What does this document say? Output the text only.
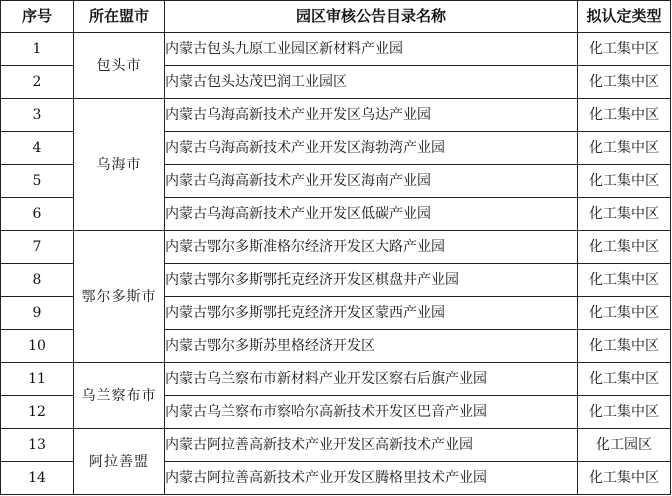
序号	所在盟市	园区审核公告目录名称	拟认定类型
1	包头市	内蒙古包头九原工业园区新材料产业园	化工集中区
2		内蒙古包头达茂巴润工业园区	化工集中区
3	乌海市	内蒙古乌海高新技术产业开发区乌达产业园	化工集中区
4		内蒙古乌海高新技术产业开发区海勃湾产业园	化工集中区
5		内蒙古乌海高新技术产业开发区海南产业园	化工集中区
6		内蒙古乌海高新技术产业开发区低碳产业园	化工集中区
7	鄂尔多斯市	内蒙古鄂尔多斯准格尔经济开发区大路产业园	化工集中区
8		内蒙古鄂尔多斯鄂托克经济开发区棋盘井产业园	化工集中区
9		内蒙古鄂尔多斯鄂托克经济开发区蒙西产业园	化工集中区
10		内蒙古鄂尔多斯苏里格经济开发区	化工集中区
11	乌兰察布市	内蒙古乌兰察布市新材料产业开发区察右后旗产业园	化工集中区
12		内蒙古乌兰察布市察哈尔高新技术开发区巴音产业园	化工集中区
13	阿拉善盟	内蒙古阿拉善高新技术产业开发区高新技术产业园	化工园区
14		内蒙古阿拉善高新技术产业开发区腾格里技术产业园	化工集中区
